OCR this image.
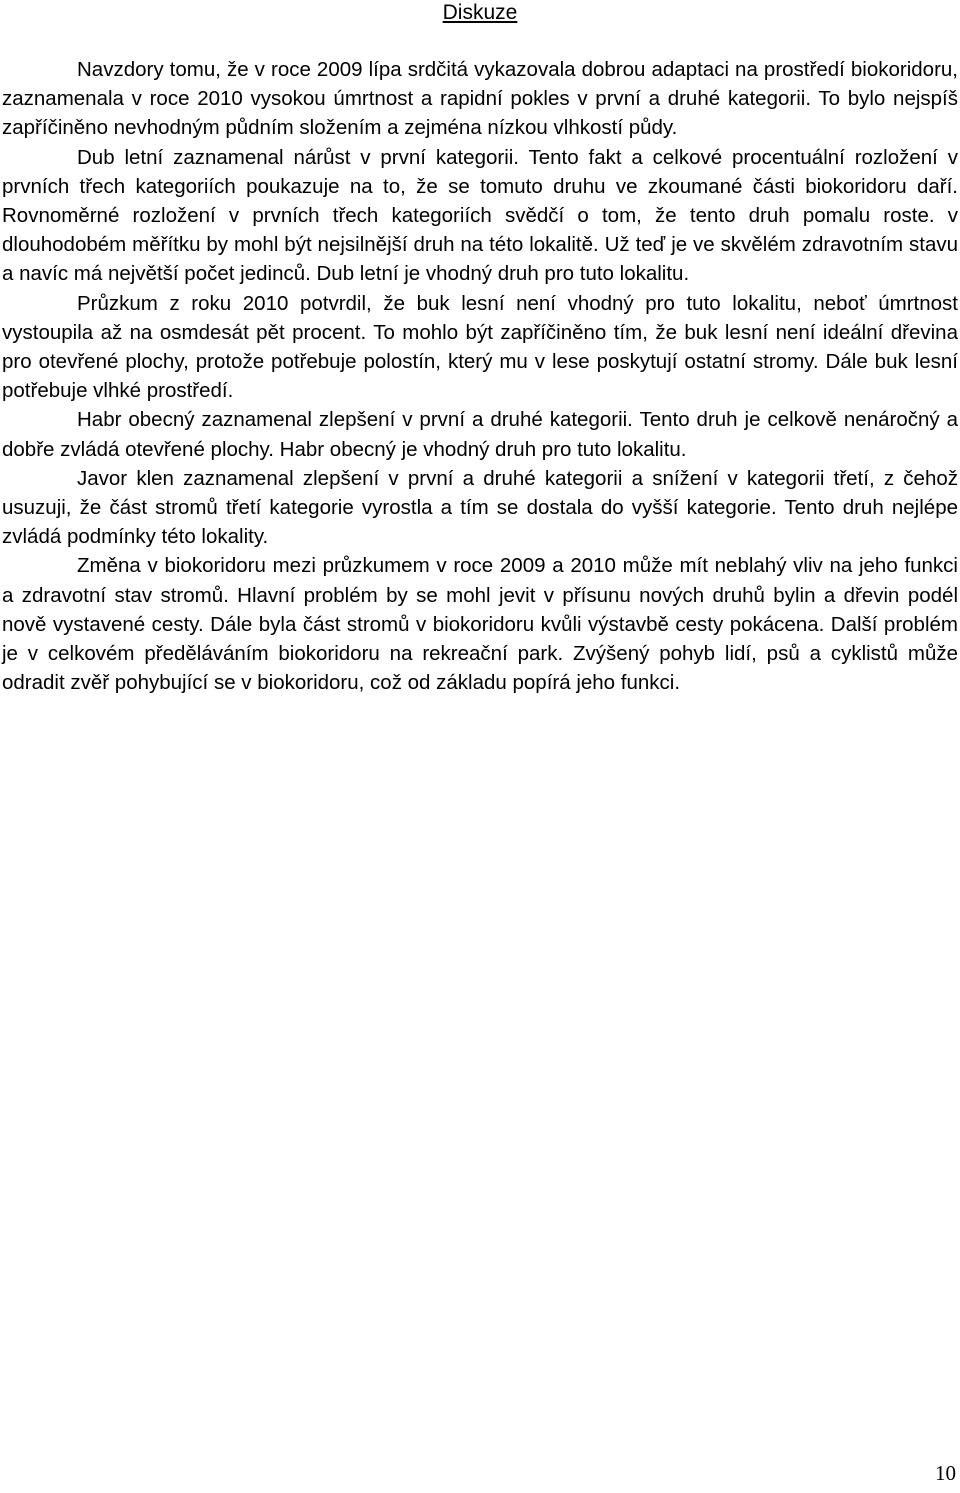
Diskuze

Navzdory tomu, že v roce 2009 lípa srdčitá vykazovala dobrou adaptaci na prostředí biokoridoru, zaznamenala v roce 2010 vysokou úmrtnost a rapidní pokles v první a druhé kategorii. To bylo nejspíš zapříčiněno nevhodným půdním složením a zejména nízkou vlhkostí půdy.

Dub letní zaznamenal nárůst v první kategorii. Tento fakt a celkové procentuální rozložení v prvních třech kategoriích poukazuje na to, že se tomuto druhu ve zkoumané části biokoridoru daří. Rovnoměrné rozložení v prvních třech kategoriích svědčí o tom, že tento druh pomalu roste. v dlouhodobém měřítku by mohl být nejsilnější druh na této lokalitě. Už teď je ve skvělém zdravotním stavu a navíc má největší počet jedinců. Dub letní je vhodný druh pro tuto lokalitu.

Průzkum z roku 2010 potvrdil, že buk lesní není vhodný pro tuto lokalitu, neboť úmrtnost vystoupila až na osmdesát pět procent. To mohlo být zapříčiněno tím, že buk lesní není ideální dřevina pro otevřené plochy, protože potřebuje polostín, který mu v lese poskytují ostatní stromy. Dále buk lesní potřebuje vlhké prostředí.

Habr obecný zaznamenal zlepšení v první a druhé kategorii. Tento druh je celkově nenáročný a dobře zvládá otevřené plochy. Habr obecný je vhodný druh pro tuto lokalitu.

Javor klen zaznamenal zlepšení v první a druhé kategorii a snížení v kategorii třetí, z čehož usuzuji, že část stromů třetí kategorie vyrostla a tím se dostala do vyšší kategorie. Tento druh nejlépe zvládá podmínky této lokality.

Změna v biokoridoru mezi průzkumem v roce 2009 a 2010 může mít neblahý vliv na jeho funkci a zdravotní stav stromů. Hlavní problém by se mohl jevit v přísunu nových druhů bylin a dřevin podél nově vystavené cesty. Dále byla část stromů v biokoridoru kvůli výstavbě cesty pokácena. Další problém je v celkovém předěláváním biokoridoru na rekreační park. Zvýšený pohyb lidí, psů a cyklistů může odradit zvěř pohybující se v biokoridoru, což od základu popírá jeho funkci.

10
